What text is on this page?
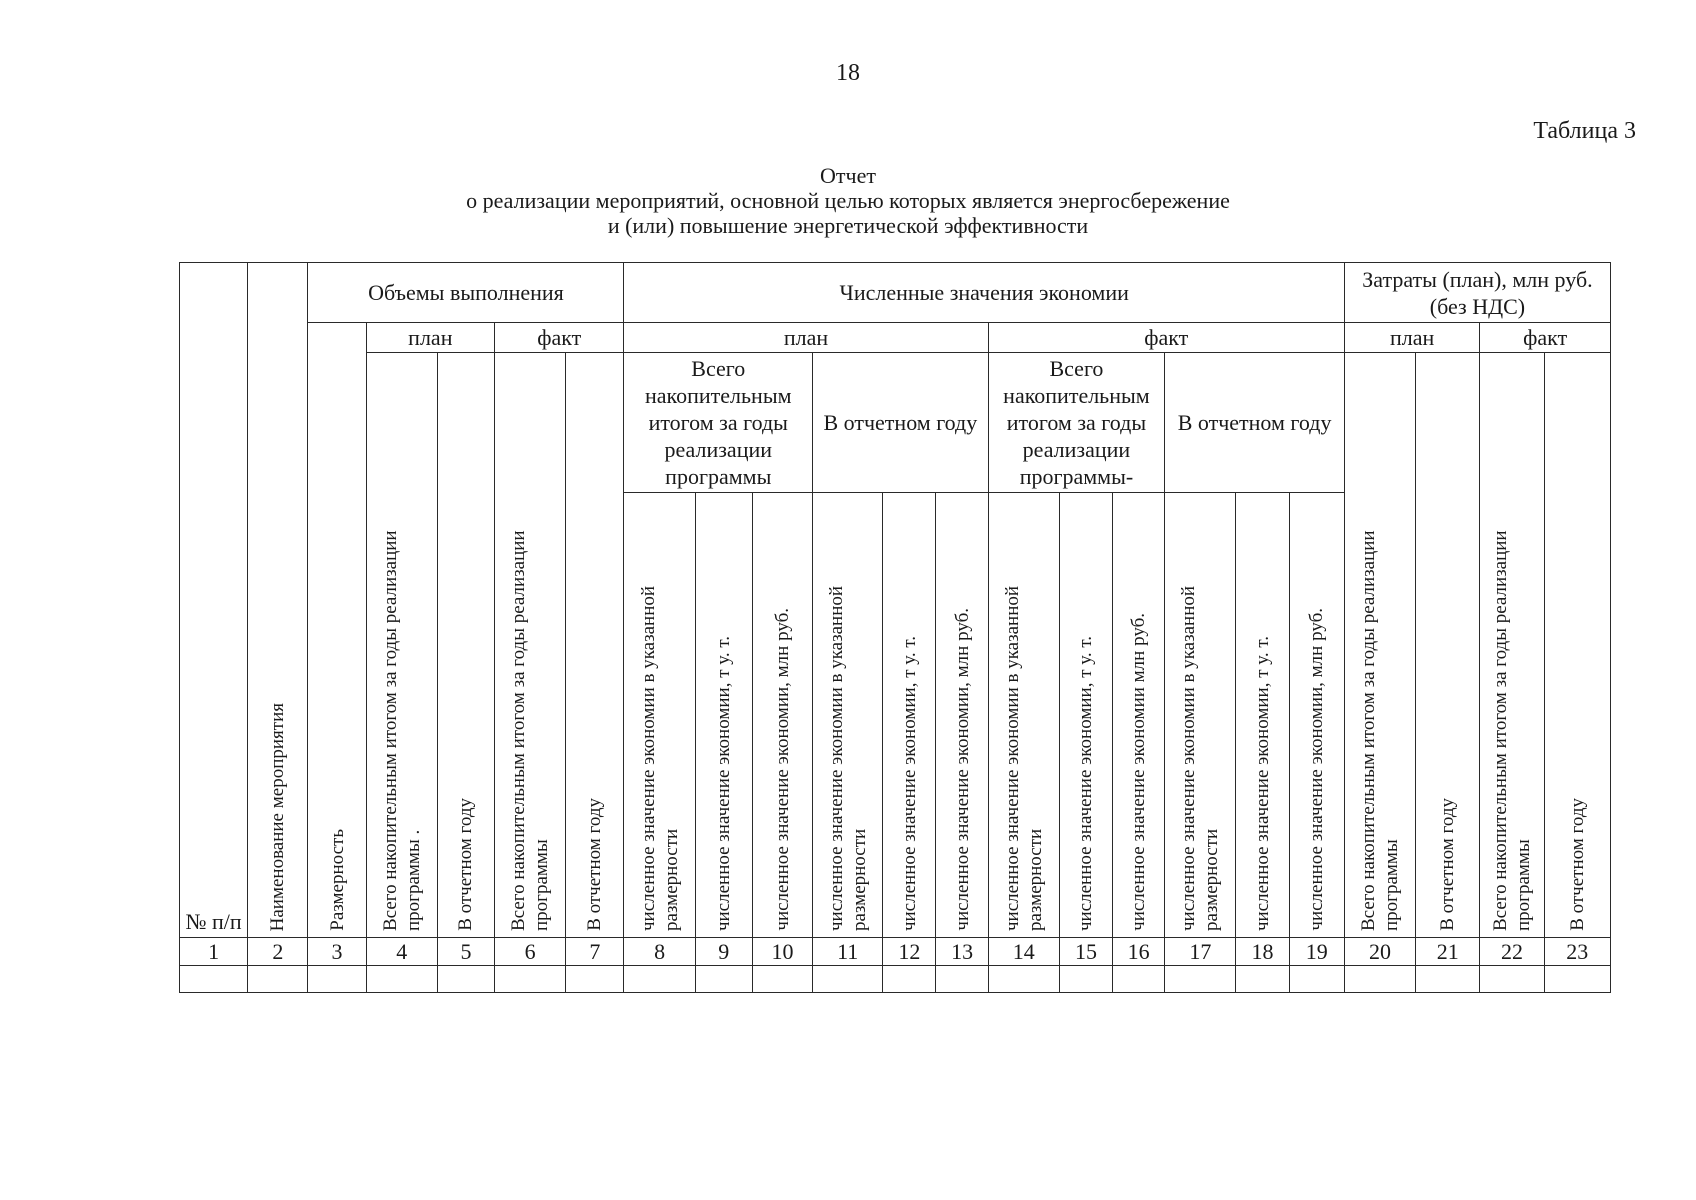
18
Таблица 3
Отчет
о реализации мероприятий, основной целью которых является энергосбережение
и (или) повышение энергетической эффективности
№ п/п	Наименование мероприятия	Объемы выполнения					Численные значения экономии												Затраты (план), млн руб. (без НДС)			
		Размерность	план		факт		план						факт						план		факт	
			Всего накопительным итогом за годы реализации программы .	В отчетном году	Всего накопительным итогом за годы реализации программы	В отчетном году	Всего накопительным итогом за годы реализации программы			В отчетном году			Всего накопительным итогом за годы реализации программы-			В отчетном году			Всего накопительным итогом за годы реализации программы	В отчетном году	Всего накопительным итогом за годы реализации программы	В отчетном году
							численное значение экономии в указанной размерности	численное значение экономии, т у. т.	численное значение экономии, млн руб.	численное значение экономии в указанной размерности	численное значение экономии, т у. т.	численное значение экономии, млн руб.	численное значение экономии в указанной размерности	численное значение экономии, т у. т.	численное значение экономии млн руб.	численное значение экономии в указанной размерности	численное значение экономии, т у. т.	численное значение экономии, млн руб.				
1	2	3	4	5	6	7	8	9	10	11	12	13	14	15	16	17	18	19	20	21	22	23
